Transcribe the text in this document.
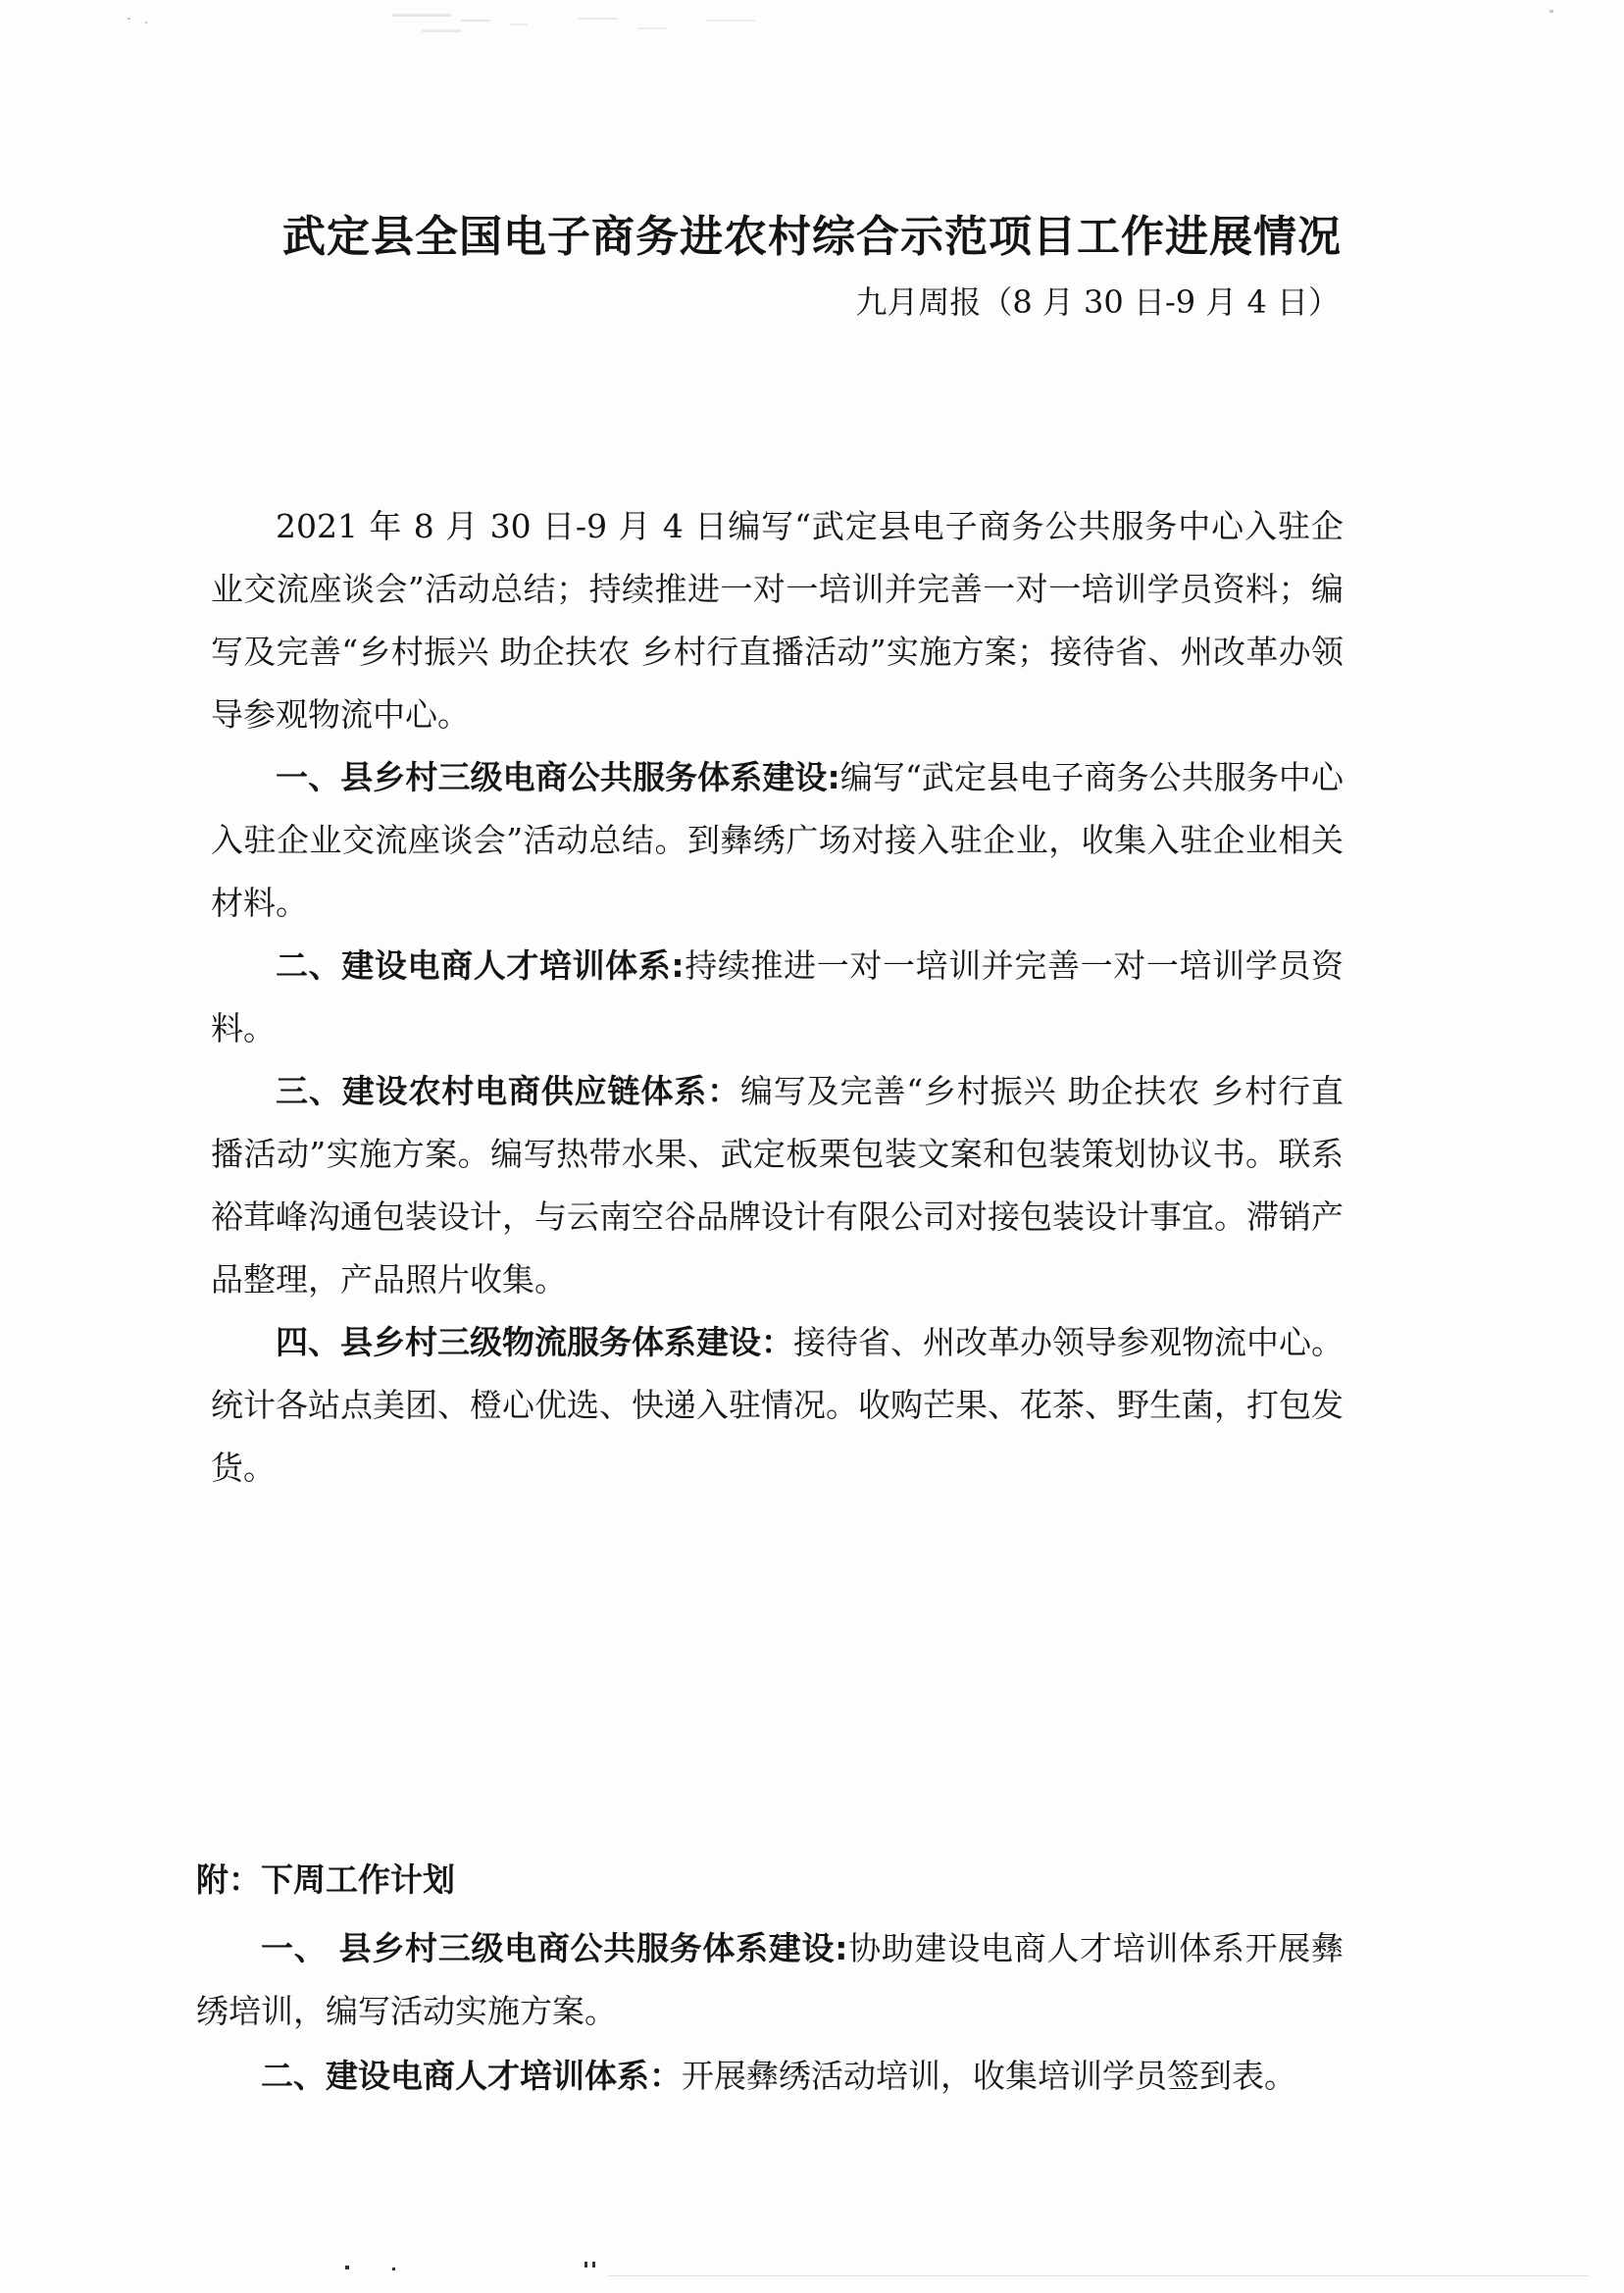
武定县全国电子商务进农村综合示范项目工作进展情况

九月周报（8 月 30 日-9 月 4 日）

2021 年 8 月 30 日-9 月 4 日编写“武定县电子商务公共服务中心入驻企业交流座谈会”活动总结；持续推进一对一培训并完善一对一培训学员资料；编写及完善“乡村振兴 助企扶农 乡村行直播活动”实施方案；接待省、州改革办领导参观物流中心。

一、县乡村三级电商公共服务体系建设:编写“武定县电子商务公共服务中心入驻企业交流座谈会”活动总结。到彝绣广场对接入驻企业，收集入驻企业相关材料。

二、建设电商人才培训体系:持续推进一对一培训并完善一对一培训学员资料。

三、建设农村电商供应链体系：编写及完善“乡村振兴 助企扶农 乡村行直播活动”实施方案。编写热带水果、武定板栗包装文案和包装策划协议书。联系裕茸峰沟通包装设计，与云南空谷品牌设计有限公司对接包装设计事宜。滞销产品整理，产品照片收集。

四、县乡村三级物流服务体系建设：接待省、州改革办领导参观物流中心。统计各站点美团、橙心优选、快递入驻情况。收购芒果、花茶、野生菌，打包发货。

附：下周工作计划

一、 县乡村三级电商公共服务体系建设:协助建设电商人才培训体系开展彝绣培训，编写活动实施方案。

二、建设电商人才培训体系：开展彝绣活动培训，收集培训学员签到表。
